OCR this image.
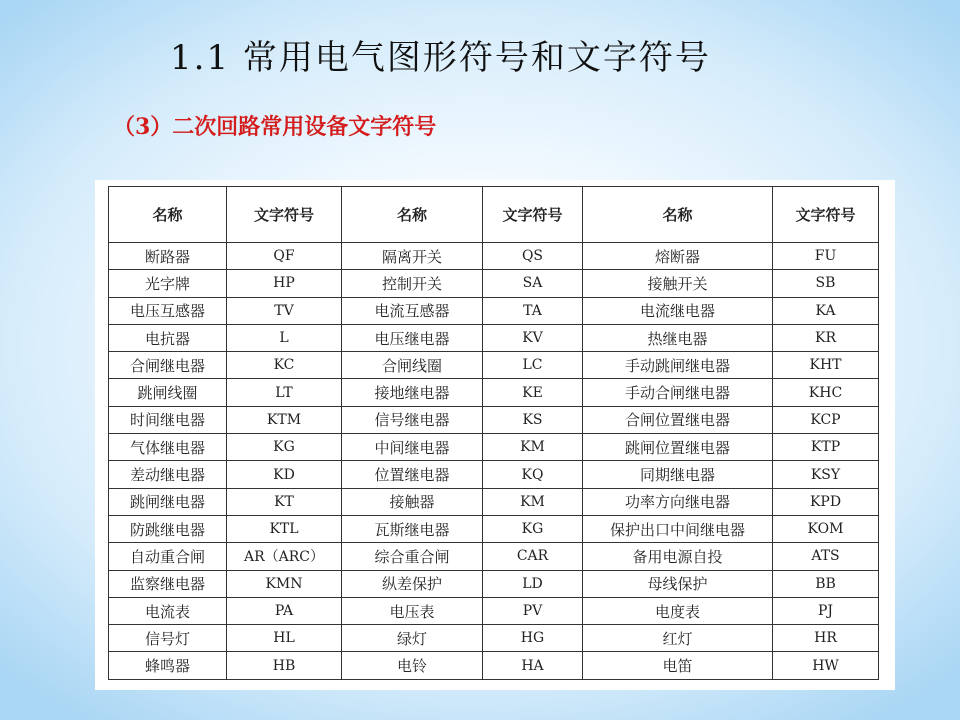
1.1 常用电气图形符号和文字符号
（3）二次回路常用设备文字符号
名称	文字符号	名称	文字符号	名称	文字符号
断路器	QF	隔离开关	QS	熔断器	FU
光字牌	HP	控制开关	SA	接触开关	SB
电压互感器	TV	电流互感器	TA	电流继电器	KA
电抗器	L	电压继电器	KV	热继电器	KR
合闸继电器	KC	合闸线圈	LC	手动跳闸继电器	KHT
跳闸线圈	LT	接地继电器	KE	手动合闸继电器	KHC
时间继电器	KTM	信号继电器	KS	合闸位置继电器	KCP
气体继电器	KG	中间继电器	KM	跳闸位置继电器	KTP
差动继电器	KD	位置继电器	KQ	同期继电器	KSY
跳闸继电器	KT	接触器	KM	功率方向继电器	KPD
防跳继电器	KTL	瓦斯继电器	KG	保护出口中间继电器	KOM
自动重合闸	AR（ARC）	综合重合闸	CAR	备用电源自投	ATS
监察继电器	KMN	纵差保护	LD	母线保护	BB
电流表	PA	电压表	PV	电度表	PJ
信号灯	HL	绿灯	HG	红灯	HR
蜂鸣器	HB	电铃	HA	电笛	HW
